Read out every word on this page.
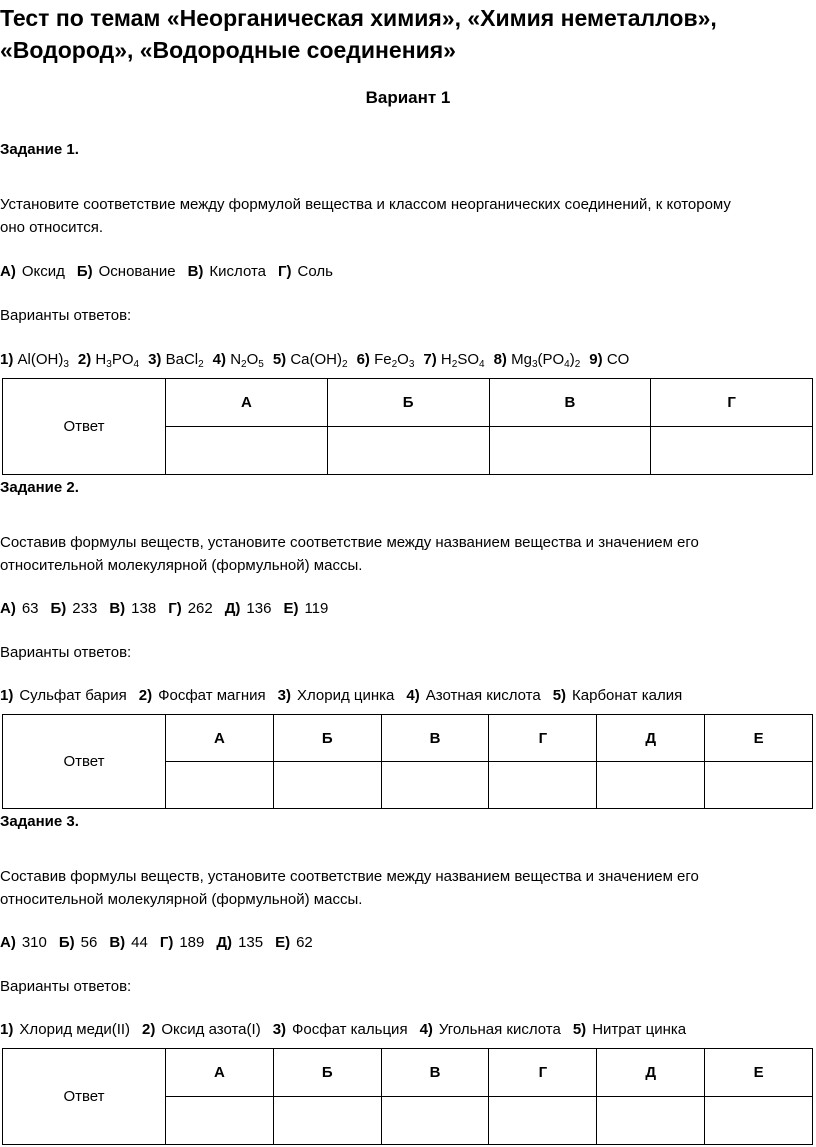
Тест по темам «Неорганическая химия», «Химия неметаллов»,
«Водород», «Водородные соединения»
Вариант 1
Задание 1.
Установите соответствие между формулой вещества и классом неорганических соединений, к которому
оно относится.
А) Оксид Б) Основание В) Кислота Г) Соль
Варианты ответов:
1) $Al(OH)_3$ 2) $H_3PO_4$ 3) BaCl$_2$ 4) $N_2O_5$ 5) $Ca(OH)_2$ 6) $Fe_2O_3$ 7) $H_2SO_4$ 8) $Mg_3(PO_4)_2$ 9) CO
Ответ	А	Б	В	Г

Задание 2.
Составив формулы веществ, установите соответствие между названием вещества и значением его
относительной молекулярной (формульной) массы.
А) 63 Б) 233 В) 138 Г) 262 Д) 136 Е) 119
Варианты ответов:
1) Сульфат бария 2) Фосфат магния 3) Хлорид цинка 4) Азотная кислота 5) Карбонат калия
Ответ	А	Б	В	Г	Д	Е

Задание 3.
Составив формулы веществ, установите соответствие между названием вещества и значением его
относительной молекулярной (формульной) массы.
А) 310 Б) 56 В) 44 Г) 189 Д) 135 Е) 62
Варианты ответов:
1) Хлорид меди(II) 2) Оксид азота(I) 3) Фосфат кальция 4) Угольная кислота 5) Нитрат цинка
Ответ	А	Б	В	Г	Д	Е
